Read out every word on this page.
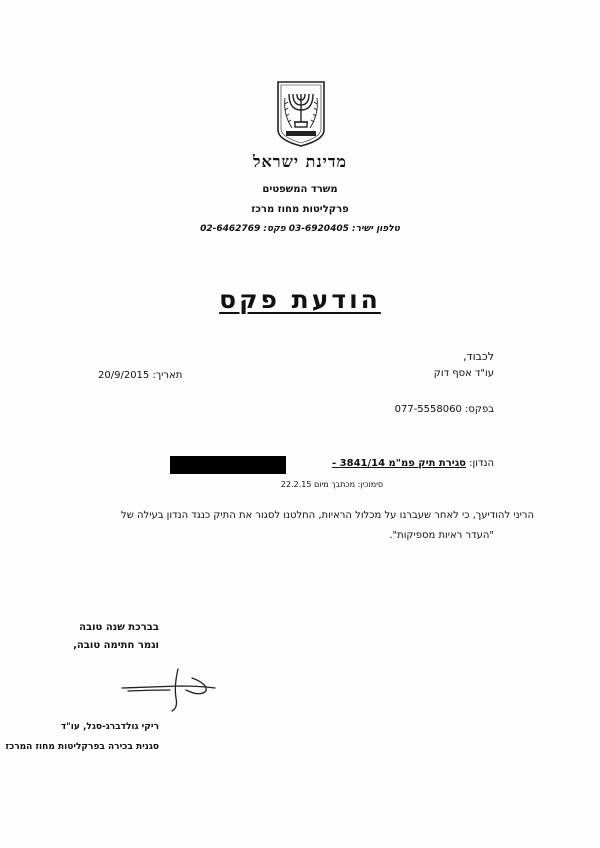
מדינת ישראל
משרד המשפטים
פרקליטות מחוז מרכז
טלפון ישיר: 03-6920405 פקס: 02-6462769
הודעת פקס
לכבוד,
עו"ד אסף דוק
תאריך: 20/9/2015
בפקס: 077-5558060
הנדון: סגירת תיק פמ"מ 3841/14 -
סימוכין: מכתבך מיום 22.2.15
הריני להודיעך, כי לאחר שעברנו על מכלול הראיות, החלטנו לסגור את התיק כנגד הנדון בעילה של
"העדר ראיות מספיקות".
בברכת שנה טובה
וגמר חתימה טובה,
ריקי גולדברג-סגל, עו"ד
סגנית בכירה בפרקליטות מחוז המרכז
